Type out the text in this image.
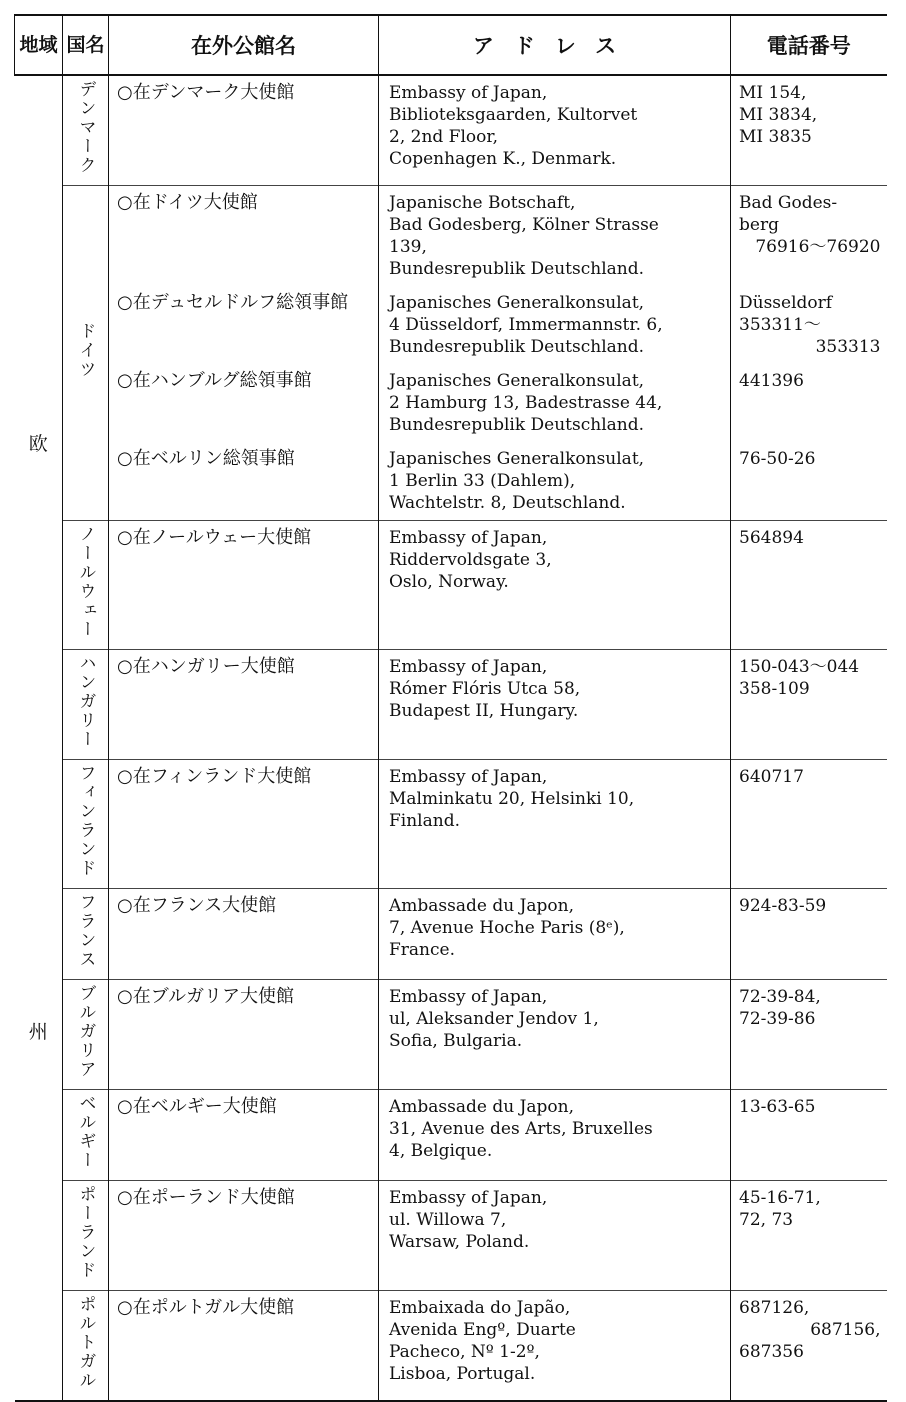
地域	国名	在外公館名	アドレス	電話番号

欧
州	デンマーク	○在デンマーク大使館	Embassy of Japan,
Biblioteksgaarden, Kultorvet
2, 2nd Floor,
Copenhagen K., Denmark.	MI 154,
MI 3834,
MI 3835

	ドイツ	○在ドイツ大使館	Japanische Botschaft,
Bad Godesberg, Kölner Strasse
139,
Bundesrepublik Deutschland.	Bad Godes-
berg
76916～76920

		○在デュセルドルフ総領事館	Japanisches Generalkonsulat,
4 Düsseldorf, Immermannstr. 6,
Bundesrepublik Deutschland.	Düsseldorf
353311～
353313

		○在ハンブルグ総領事館	Japanisches Generalkonsulat,
2 Hamburg 13, Badestrasse 44,
Bundesrepublik Deutschland.	441396

		○在ベルリン総領事館	Japanisches Generalkonsulat,
1 Berlin 33 (Dahlem),
Wachtelstr. 8, Deutschland.	76-50-26

	ノールウェー	○在ノールウェー大使館	Embassy of Japan,
Riddervoldsgate 3,
Oslo, Norway.	564894

	ハンガリー	○在ハンガリー大使館	Embassy of Japan,
Rómer Flóris Utca 58,
Budapest II, Hungary.	150-043～044
358-109

	フィンランド	○在フィンランド大使館	Embassy of Japan,
Malminkatu 20, Helsinki 10,
Finland.	640717

	フランス	○在フランス大使館	Ambassade du Japon,
7, Avenue Hoche Paris (8ᵉ),
France.	924-83-59

	ブルガリア	○在ブルガリア大使館	Embassy of Japan,
ul, Aleksander Jendov 1,
Sofia, Bulgaria.	72-39-84,
72-39-86

	ベルギー	○在ベルギー大使館	Ambassade du Japon,
31, Avenue des Arts, Bruxelles
4, Belgique.	13-63-65

	ポーランド	○在ポーランド大使館	Embassy of Japan,
ul. Willowa 7,
Warsaw, Poland.	45-16-71,
72, 73

	ポルトガル	○在ポルトガル大使館	Embaixada do Japão,
Avenida Engº, Duarte
Pacheco, Nº 1-2º,
Lisboa, Portugal.	687126,
687156,
687356
